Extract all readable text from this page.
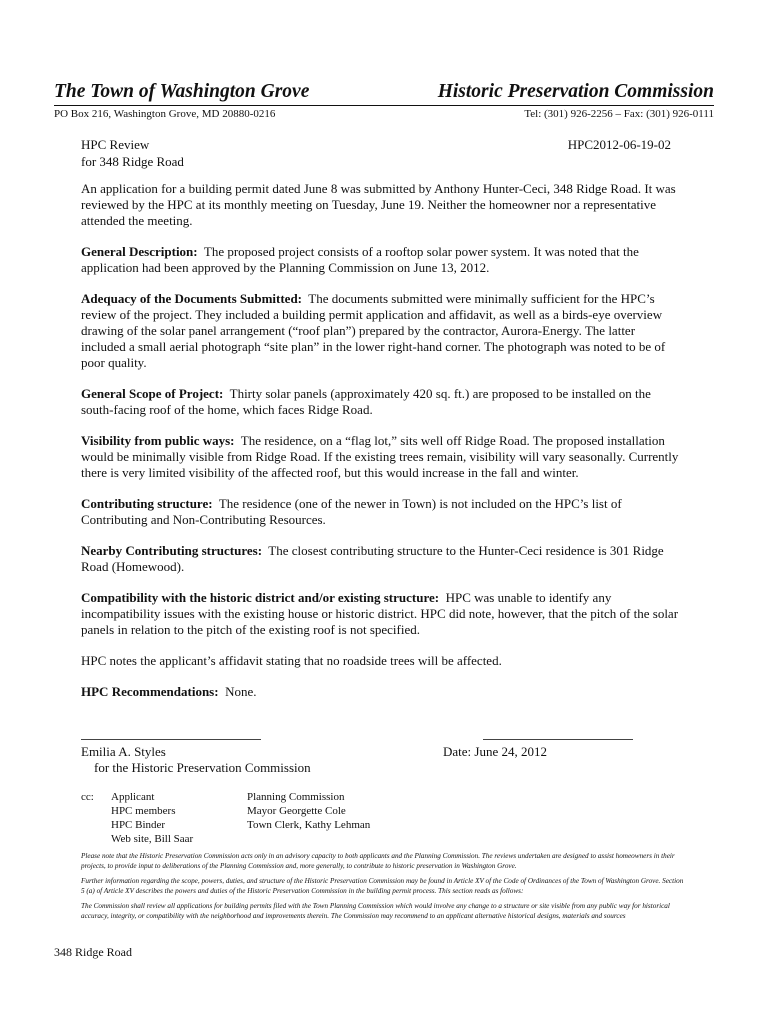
The Town of Washington Grove	Historic Preservation Commission
PO Box 216, Washington Grove, MD 20880-0216	Tel: (301) 926-2256 – Fax: (301) 926-0111
HPC Review
for 348 Ridge Road
HPC2012-06-19-02

An application for a building permit dated June 8 was submitted by Anthony Hunter-Ceci, 348 Ridge Road. It was reviewed by the HPC at its monthly meeting on Tuesday, June 19. Neither the homeowner nor a representative attended the meeting.

General Description: The proposed project consists of a rooftop solar power system. It was noted that the application had been approved by the Planning Commission on June 13, 2012.

Adequacy of the Documents Submitted: The documents submitted were minimally sufficient for the HPC’s review of the project. They included a building permit application and affidavit, as well as a birds-eye overview drawing of the solar panel arrangement (“roof plan”) prepared by the contractor, Aurora-Energy. The latter included a small aerial photograph “site plan” in the lower right-hand corner. The photograph was noted to be of poor quality.

General Scope of Project: Thirty solar panels (approximately 420 sq. ft.) are proposed to be installed on the south-facing roof of the home, which faces Ridge Road.

Visibility from public ways: The residence, on a “flag lot,” sits well off Ridge Road. The proposed installation would be minimally visible from Ridge Road. If the existing trees remain, visibility will vary seasonally. Currently there is very limited visibility of the affected roof, but this would increase in the fall and winter.

Contributing structure: The residence (one of the newer in Town) is not included on the HPC’s list of Contributing and Non-Contributing Resources.

Nearby Contributing structures: The closest contributing structure to the Hunter-Ceci residence is 301 Ridge Road (Homewood).

Compatibility with the historic district and/or existing structure: HPC was unable to identify any incompatibility issues with the existing house or historic district. HPC did note, however, that the pitch of the solar panels in relation to the pitch of the existing roof is not specified.

HPC notes the applicant’s affidavit stating that no roadside trees will be affected.

HPC Recommendations: None.

Emilia A. Styles
for the Historic Preservation Commission
Date: June 24, 2012
cc: Applicant
HPC members
HPC Binder
Web site, Bill Saar
Planning Commission
Mayor Georgette Cole
Town Clerk, Kathy Lehman

Please note that the Historic Preservation Commission acts only in an advisory capacity to both applicants and the Planning Commission. The reviews undertaken are designed to assist homeowners in their projects, to provide input to deliberations of the Planning Commission and, more generally, to contribute to historic preservation in Washington Grove.

Further information regarding the scope, powers, duties, and structure of the Historic Preservation Commission may be found in Article XV of the Code of Ordinances of the Town of Washington Grove. Section 5 (a) of Article XV describes the powers and duties of the Historic Preservation Commission in the building permit process. This section reads as follows:

The Commission shall review all applications for building permits filed with the Town Planning Commission which would involve any change to a structure or site visible from any public way for historical accuracy, integrity, or compatibility with the neighborhood and improvements therein. The Commission may recommend to an applicant alternative historical designs, materials and sources

348 Ridge Road
